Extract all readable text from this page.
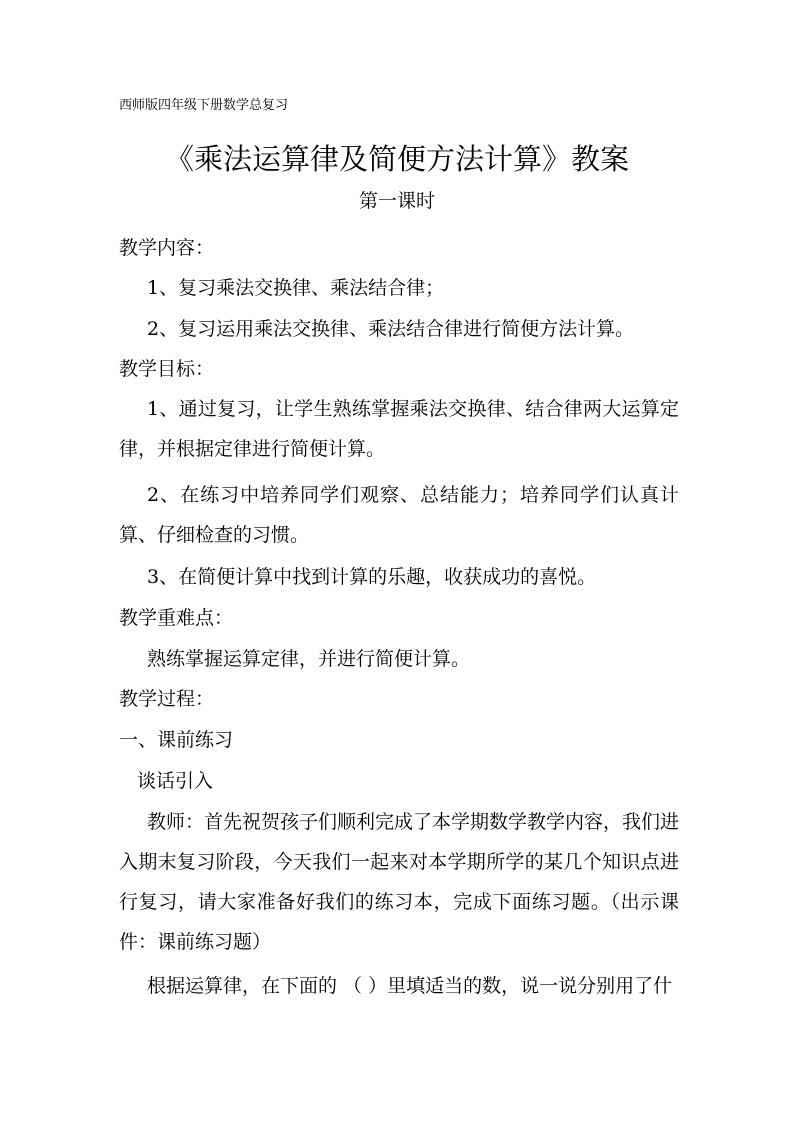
西师版四年级下册数学总复习
《乘法运算律及简便方法计算》教案
第一课时
教学内容：
1、复习乘法交换律、乘法结合律；
2、复习运用乘法交换律、乘法结合律进行简便方法计算。
教学目标：
1、通过复习，让学生熟练掌握乘法交换律、结合律两大运算定律，并根据定律进行简便计算。
2、在练习中培养同学们观察、总结能力；培养同学们认真计算、仔细检查的习惯。
3、在简便计算中找到计算的乐趣，收获成功的喜悦。
教学重难点：
熟练掌握运算定律，并进行简便计算。
教学过程：
一、课前练习
谈话引入
教师：首先祝贺孩子们顺利完成了本学期数学教学内容，我们进入期末复习阶段，今天我们一起来对本学期所学的某几个知识点进行复习，请大家准备好我们的练习本，完成下面练习题。（出示课件：课前练习题）
根据运算律，在下面的 （ ）里填适当的数，说一说分别用了什
